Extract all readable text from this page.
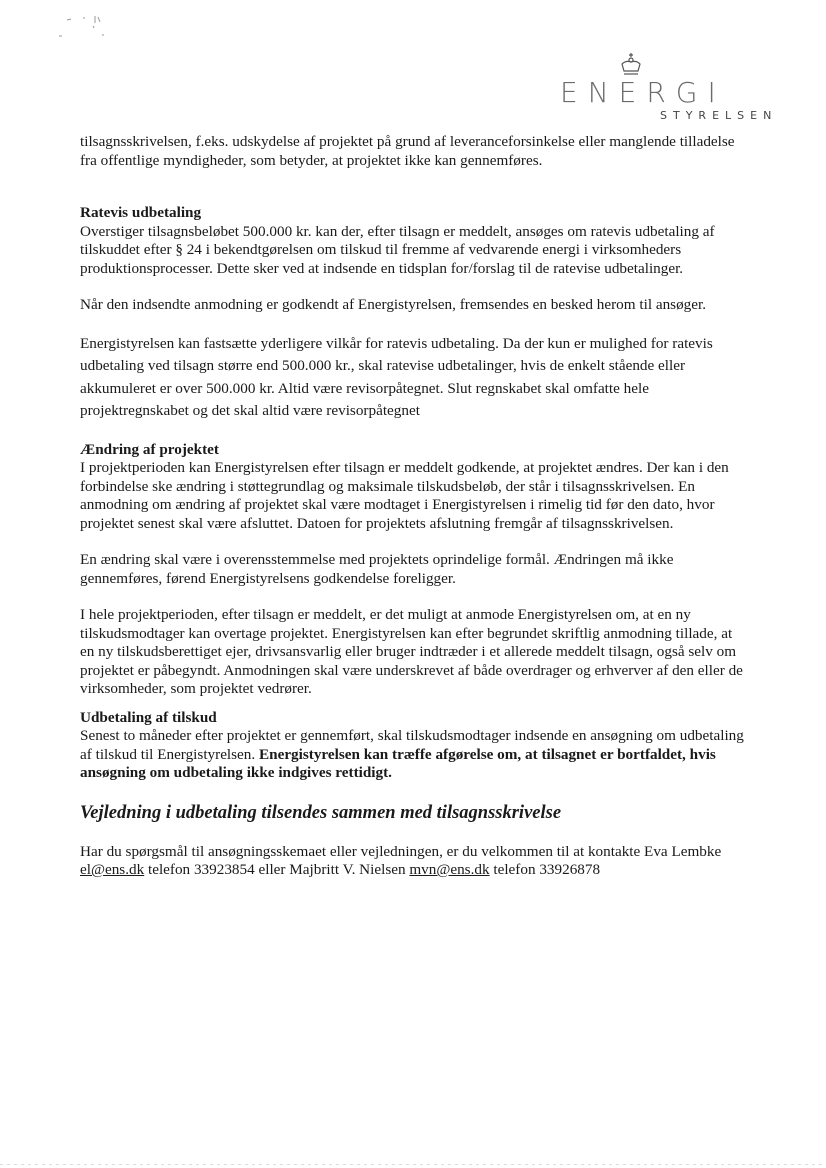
ENERGI
STYRELSEN

tilsagnsskrivelsen, f.eks. udskydelse af projektet på grund af leveranceforsinkelse eller manglende tilladelse fra offentlige myndigheder, som betyder, at projektet ikke kan gennemføres.

Ratevis udbetaling

Overstiger tilsagnsbeløbet 500.000 kr. kan der, efter tilsagn er meddelt, ansøges om ratevis udbetaling af tilskuddet efter § 24 i bekendtgørelsen om tilskud til fremme af vedvarende energi i virksomheders produktionsprocesser. Dette sker ved at indsende en tidsplan for/forslag til de ratevise udbetalinger.

Når den indsendte anmodning er godkendt af Energistyrelsen, fremsendes en besked herom til ansøger.

Energistyrelsen kan fastsætte yderligere vilkår for ratevis udbetaling. Da der kun er mulighed for ratevis udbetaling ved tilsagn større end 500.000 kr., skal ratevise udbetalinger, hvis de enkelt stående eller akkumuleret er over 500.000 kr. Altid være revisorpåtegnet. Slut regnskabet skal omfatte hele projektregnskabet og det skal altid være revisorpåtegnet

Ændring af projektet

I projektperioden kan Energistyrelsen efter tilsagn er meddelt godkende, at projektet ændres. Der kan i den forbindelse ske ændring i støttegrundlag og maksimale tilskudsbeløb, der står i tilsagnsskrivelsen. En anmodning om ændring af projektet skal være modtaget i Energistyrelsen i rimelig tid før den dato, hvor projektet senest skal være afsluttet. Datoen for projektets afslutning fremgår af tilsagnsskrivelsen.

En ændring skal være i overensstemmelse med projektets oprindelige formål. Ændringen må ikke gennemføres, førend Energistyrelsens godkendelse foreligger.

I hele projektperioden, efter tilsagn er meddelt, er det muligt at anmode Energistyrelsen om, at en ny tilskudsmodtager kan overtage projektet. Energistyrelsen kan efter begrundet skriftlig anmodning tillade, at en ny tilskudsberettiget ejer, drivsansvarlig eller bruger indtræder i et allerede meddelt tilsagn, også selv om projektet er påbegyndt. Anmodningen skal være underskrevet af både overdrager og erhverver af den eller de virksomheder, som projektet vedrører.

Udbetaling af tilskud

Senest to måneder efter projektet er gennemført, skal tilskudsmodtager indsende en ansøgning om udbetaling af tilskud til Energistyrelsen. Energistyrelsen kan træffe afgørelse om, at tilsagnet er bortfaldet, hvis ansøgning om udbetaling ikke indgives rettidigt.

Vejledning i udbetaling tilsendes sammen med tilsagnsskrivelse

Har du spørgsmål til ansøgningsskemaet eller vejledningen, er du velkommen til at kontakte Eva Lembke el@ens.dk telefon 33923854 eller Majbritt V. Nielsen mvn@ens.dk telefon 33926878
